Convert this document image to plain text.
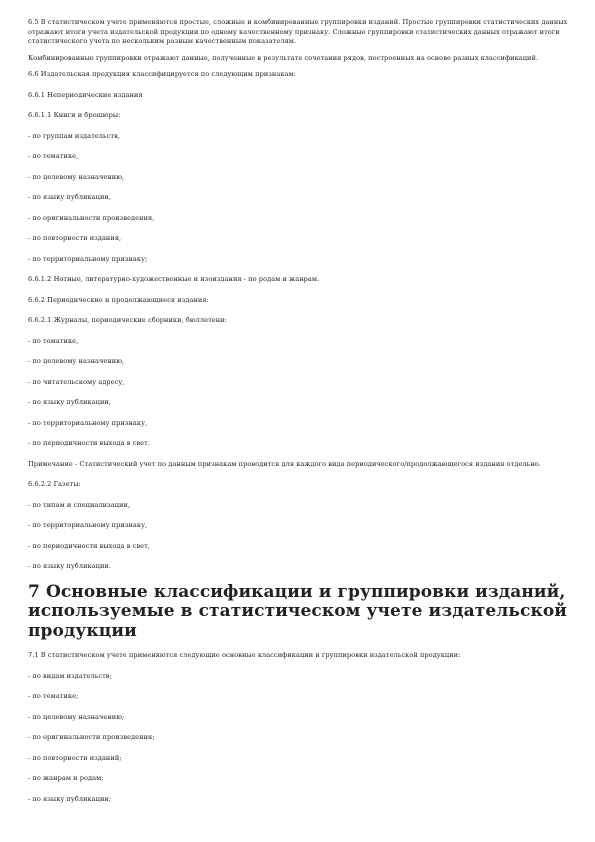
6.5 В статистическом учете применяются простые, сложные и комбинированные группировки изданий. Простые группировки статистических данных отражают итоги учета издательской продукции по одному качественному признаку. Сложные группировки статистических данных отражают итоги статистического учета по нескольким разным качественным показателям.

Комбинированные группировки отражают данные, полученные в результате сочетания рядов, построенных на основе разных классификаций.

6.6 Издательская продукция классифицируется по следующим признакам:

6.6.1 Непериодические издания

6.6.1.1 Книги и брошюры:

- по группам издательств,

- по тематике,

- по целевому назначению,

- по языку публикации,

- по оригинальности произведения,

- по повторности издания,

- по территориальному признаку;

6.6.1.2 Нотные, литературно-художественные и изоиздания - по родам и жанрам.

6.6.2 Периодические и продолжающиеся издания:

6.6.2.1 Журналы, периодические сборники, бюллетени:

- по тематике,

- по целевому назначению,

- по читательскому адресу,

- по языку публикации,

- по территориальному признаку,

- по периодичности выхода в свет.

Примечание - Статистический учет по данным признакам проводится для каждого вида периодического/продолжающегося издания отдельно.

6.6.2.2 Газеты:

- по типам и специализации,

- по территориальному признаку,

- по периодичности выхода в свет,

- по языку публикации.

7 Основные классификации и группировки изданий, используемые в статистическом учете издательской продукции

7.1 В статистическом учете применяются следующие основные классификации и группировки издательской продукции:

- по видам издательств;

- по тематике;

- по целевому назначению;

- по оригинальности произведения;

- по повторности изданий;

- по жанрам и родам;

- по языку публикации;
